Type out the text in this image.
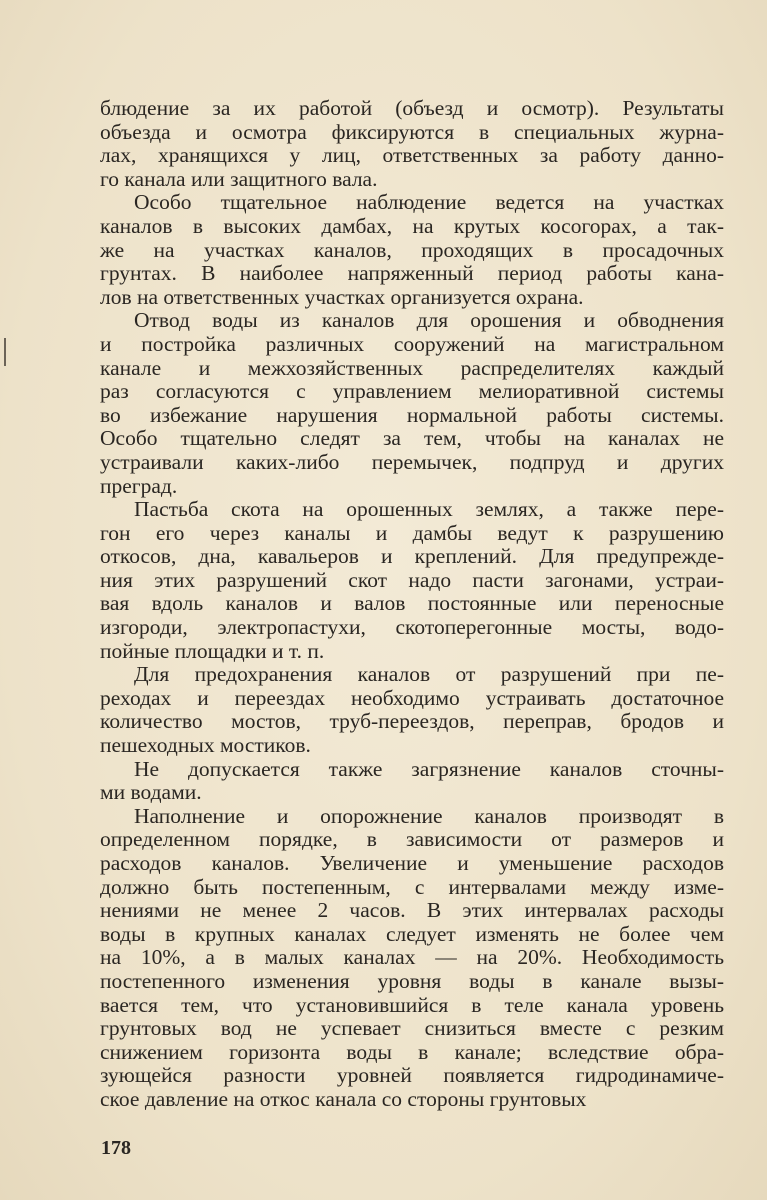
блюдение за их работой (объезд и осмотр). Результаты
объезда и осмотра фиксируются в специальных журна-
лах, хранящихся у лиц, ответственных за работу данно-
го канала или защитного вала.
Особо тщательное наблюдение ведется на участках
каналов в высоких дамбах, на крутых косогорах, а так-
же на участках каналов, проходящих в просадочных
грунтах. В наиболее напряженный период работы кана-
лов на ответственных участках организуется охрана.
Отвод воды из каналов для орошения и обводнения
и постройка различных сооружений на магистральном
канале и межхозяйственных распределителях каждый
раз согласуются с управлением мелиоративной системы
во избежание нарушения нормальной работы системы.
Особо тщательно следят за тем, чтобы на каналах не
устраивали каких-либо перемычек, подпруд и других
преград.
Пастьба скота на орошенных землях, а также пере-
гон его через каналы и дамбы ведут к разрушению
откосов, дна, кавальеров и креплений. Для предупрежде-
ния этих разрушений скот надо пасти загонами, устраи-
вая вдоль каналов и валов постоянные или переносные
изгороди, электропастухи, скотоперегонные мосты, водо-
пойные площадки и т. п.
Для предохранения каналов от разрушений при пе-
реходах и переездах необходимо устраивать достаточное
количество мостов, труб-переездов, переправ, бродов и
пешеходных мостиков.
Не допускается также загрязнение каналов сточны-
ми водами.
Наполнение и опорожнение каналов производят в
определенном порядке, в зависимости от размеров и
расходов каналов. Увеличение и уменьшение расходов
должно быть постепенным, с интервалами между изме-
нениями не менее 2 часов. В этих интервалах расходы
воды в крупных каналах следует изменять не более чем
на 10%, а в малых каналах — на 20%. Необходимость
постепенного изменения уровня воды в канале вызы-
вается тем, что установившийся в теле канала уровень
грунтовых вод не успевает снизиться вместе с резким
снижением горизонта воды в канале; вследствие обра-
зующейся разности уровней появляется гидродинамиче-
ское давление на откос канала со стороны грунтовых
178
